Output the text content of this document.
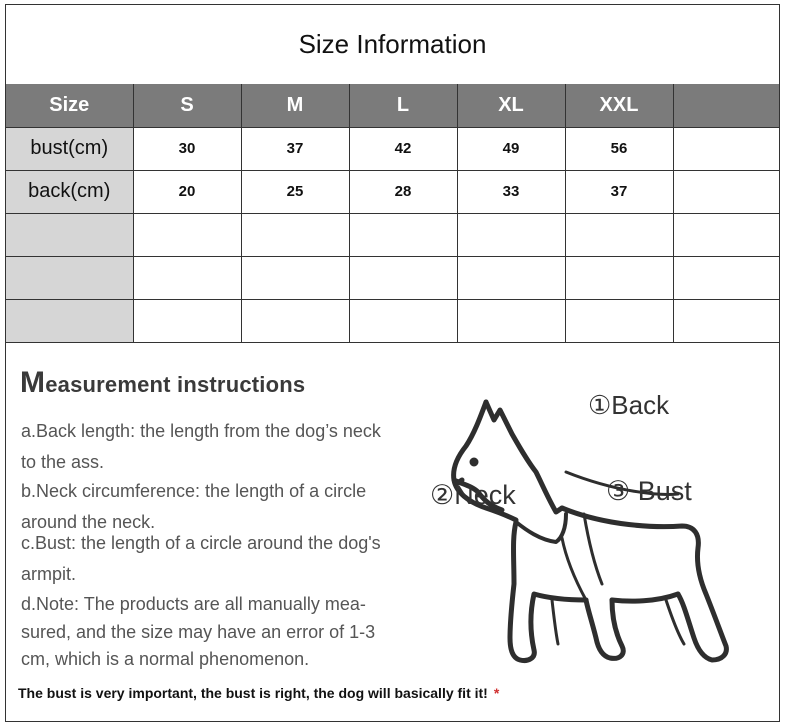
Size Information
Size	S	M	L	XL	XXL	
bust(cm)	30	37	42	49	56	
back(cm)	20	25	28	33	37	

Measurement instructions
a.Back length: the length from the dog’s neck
to the ass.
b.Neck circumference: the length of a circle
around the neck.
c.Bust: the length of a circle around the dog's
armpit.
d.Note: The products are all manually mea-
sured, and the size may have an error of 1-3
cm, which is a normal phenomenon.
The bust is very important, the bust is right, the dog will basically fit it! *
①Back
②Neck	③ Bust
